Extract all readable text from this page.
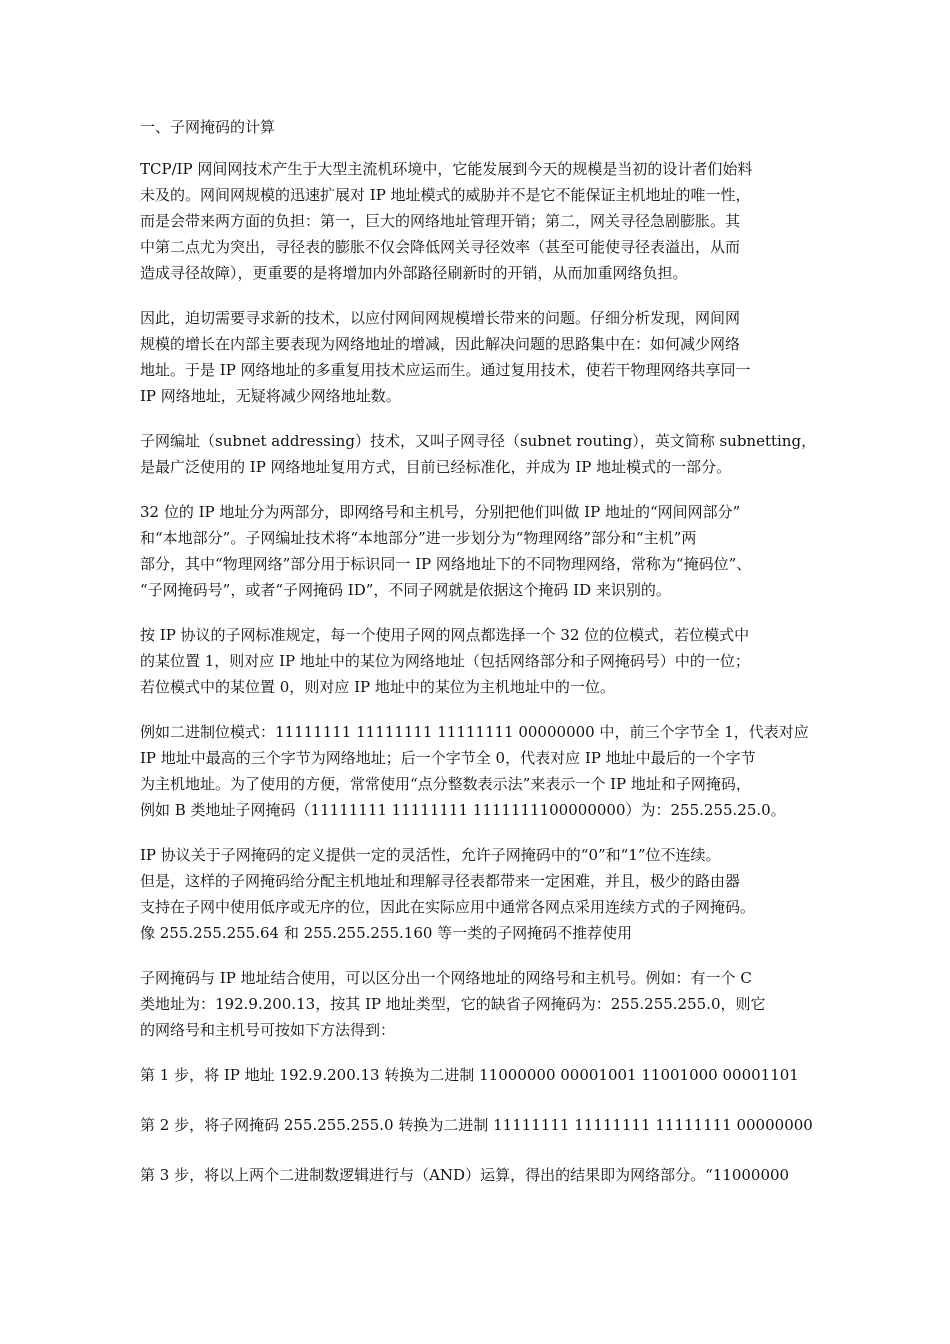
一、子网掩码的计算
TCP/IP 网间网技术产生于大型主流机环境中，它能发展到今天的规模是当初的设计者们始料
未及的。网间网规模的迅速扩展对 IP 地址模式的威胁并不是它不能保证主机地址的唯一性，
而是会带来两方面的负担：第一，巨大的网络地址管理开销；第二，网关寻径急剧膨胀。其
中第二点尤为突出，寻径表的膨胀不仅会降低网关寻径效率（甚至可能使寻径表溢出，从而
造成寻径故障），更重要的是将增加内外部路径刷新时的开销，从而加重网络负担。
因此，迫切需要寻求新的技术，以应付网间网规模增长带来的问题。仔细分析发现，网间网
规模的增长在内部主要表现为网络地址的增减，因此解决问题的思路集中在：如何减少网络
地址。于是 IP 网络地址的多重复用技术应运而生。通过复用技术，使若干物理网络共享同一
IP 网络地址，无疑将减少网络地址数。
子网编址（subnet addressing）技术，又叫子网寻径（subnet routing），英文简称 subnetting，
是最广泛使用的 IP 网络地址复用方式，目前已经标准化，并成为 IP 地址模式的一部分。
32 位的 IP 地址分为两部分，即网络号和主机号，分别把他们叫做 IP 地址的“网间网部分”
和“本地部分”。子网编址技术将“本地部分”进一步划分为“物理网络”部分和“主机”两
部分，其中“物理网络”部分用于标识同一 IP 网络地址下的不同物理网络，常称为“掩码位”、
“子网掩码号”，或者“子网掩码 ID”，不同子网就是依据这个掩码 ID 来识别的。
按 IP 协议的子网标准规定，每一个使用子网的网点都选择一个 32 位的位模式，若位模式中
的某位置 1，则对应 IP 地址中的某位为网络地址（包括网络部分和子网掩码号）中的一位；
若位模式中的某位置 0，则对应 IP 地址中的某位为主机地址中的一位。
例如二进制位模式：11111111 11111111 11111111 00000000 中，前三个字节全 1，代表对应
IP 地址中最高的三个字节为网络地址；后一个字节全 0，代表对应 IP 地址中最后的一个字节
为主机地址。为了使用的方便，常常使用“点分整数表示法”来表示一个 IP 地址和子网掩码，
例如 B 类地址子网掩码（11111111 11111111 1111111100000000）为：255.255.25.0。
IP 协议关于子网掩码的定义提供一定的灵活性，允许子网掩码中的“0”和“1”位不连续。
但是，这样的子网掩码给分配主机地址和理解寻径表都带来一定困难，并且，极少的路由器
支持在子网中使用低序或无序的位，因此在实际应用中通常各网点采用连续方式的子网掩码。
像 255.255.255.64 和 255.255.255.160 等一类的子网掩码不推荐使用
子网掩码与 IP 地址结合使用，可以区分出一个网络地址的网络号和主机号。例如：有一个 C
类地址为：192.9.200.13，按其 IP 地址类型，它的缺省子网掩码为：255.255.255.0，则它
的网络号和主机号可按如下方法得到：
第 1 步，将 IP 地址 192.9.200.13 转换为二进制 11000000 00001001 11001000 00001101
第 2 步，将子网掩码 255.255.255.0 转换为二进制 11111111 11111111 11111111 00000000
第 3 步，将以上两个二进制数逻辑进行与（AND）运算，得出的结果即为网络部分。“11000000
